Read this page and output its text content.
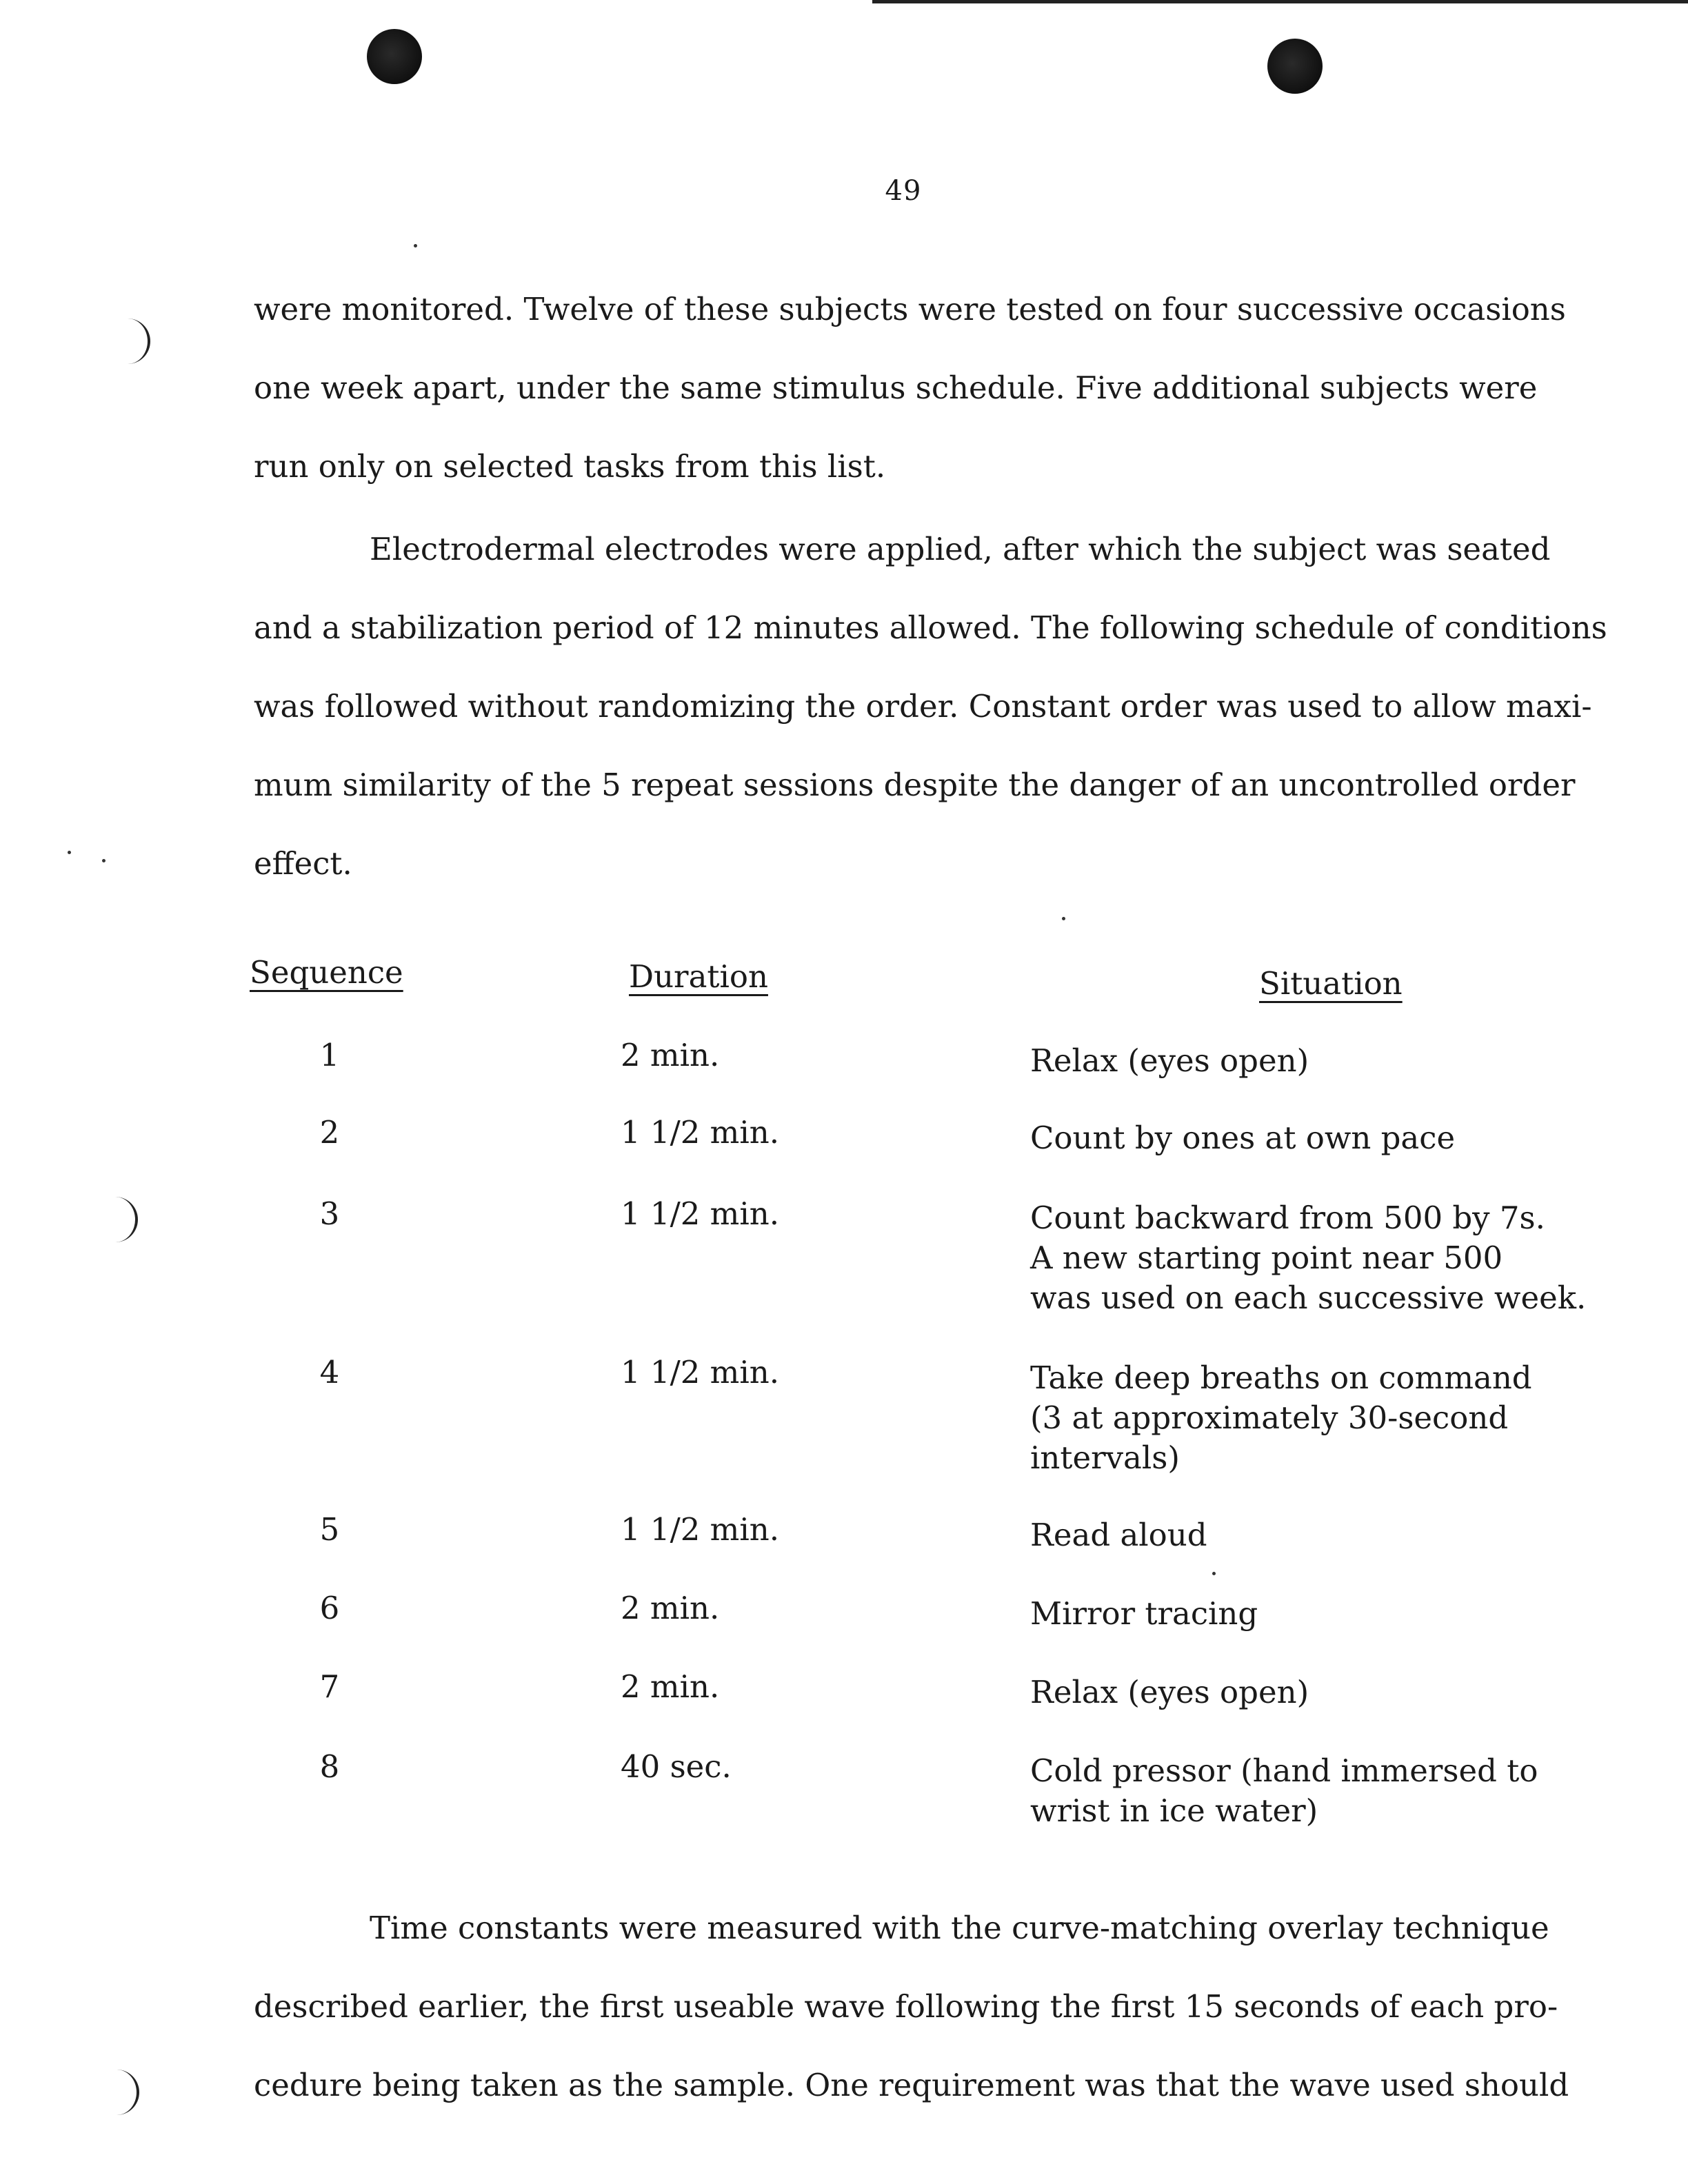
49
were monitored. Twelve of these subjects were tested on four successive occasions
one week apart, under the same stimulus schedule. Five additional subjects were
run only on selected tasks from this list.
Electrodermal electrodes were applied, after which the subject was seated
and a stabilization period of 12 minutes allowed. The following schedule of conditions
was followed without randomizing the order. Constant order was used to allow maxi-
mum similarity of the 5 repeat sessions despite the danger of an uncontrolled order
effect.
Sequence	Duration	Situation
1	2 min.	Relax (eyes open)
2	1 1/2 min.	Count by ones at own pace
3	1 1/2 min.	Count backward from 500 by 7s.
A new starting point near 500
was used on each successive week.
4	1 1/2 min.	Take deep breaths on command
(3 at approximately 30-second
intervals)
5	1 1/2 min.	Read aloud
6	2 min.	Mirror tracing
7	2 min.	Relax (eyes open)
8	40 sec.	Cold pressor (hand immersed to
wrist in ice water)
Time constants were measured with the curve-matching overlay technique
described earlier, the first useable wave following the first 15 seconds of each pro-
cedure being taken as the sample. One requirement was that the wave used should
